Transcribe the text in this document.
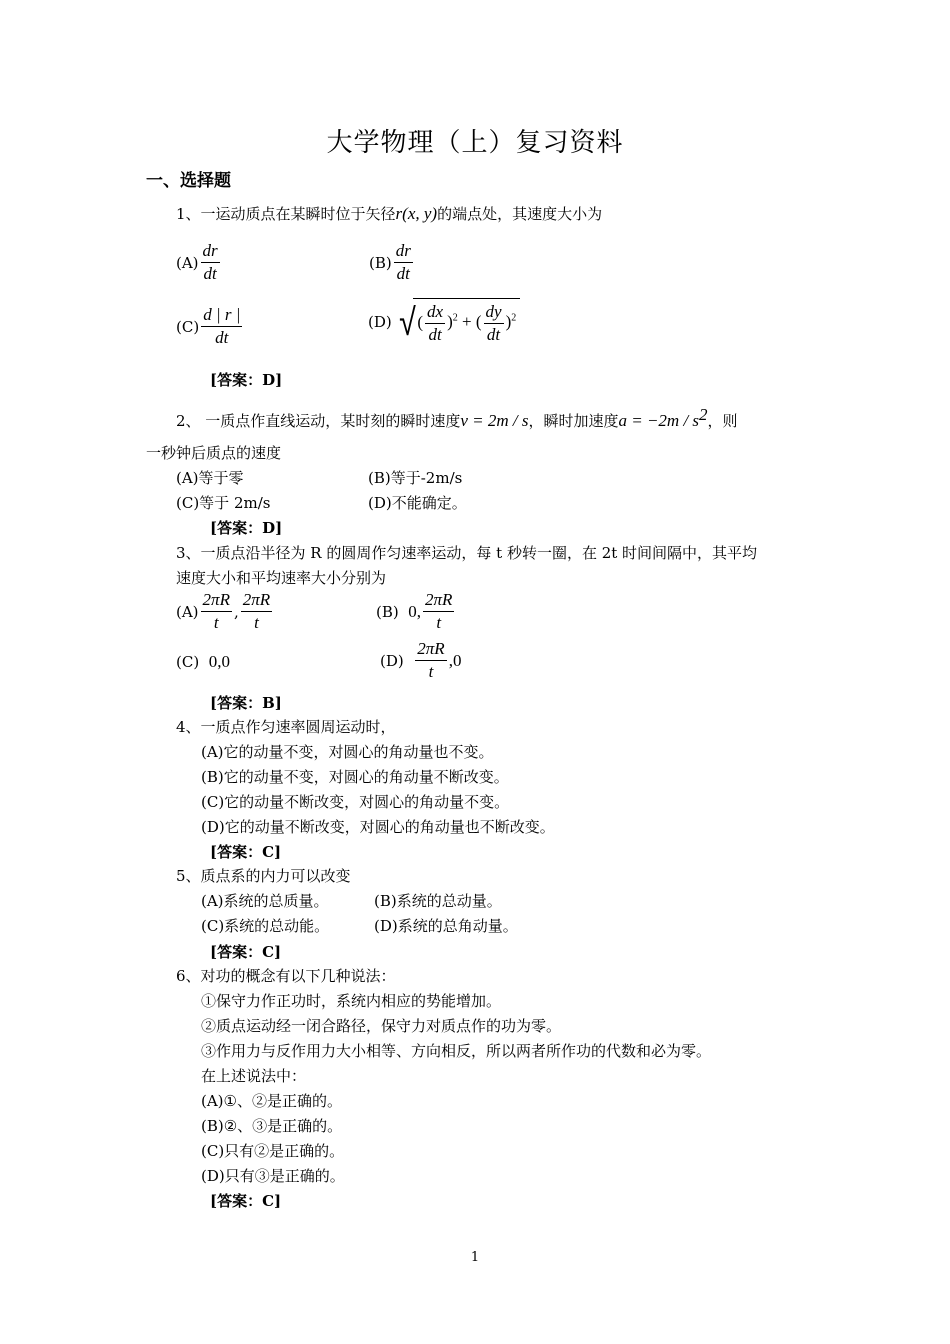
大学物理（上）复习资料
一、选择题
1、一运动质点在某瞬时位于矢径r(x, y)的端点处，其速度大小为
$(A) \frac{dr}{dt}$	$(B) \frac{dr}{dt}$
$(C) \frac{d | r |}{dt}$	(D) √ ( $\frac{dx}{dt} )^2$ + ( $\frac{dy}{dt} )^2$
[答案：D]
2、 一质点作直线运动，某时刻的瞬时速度v = 2m / s，瞬时加速度$a = -2m / s^2$，则
一秒钟后质点的速度
(A)等于零	(B)等于-2m/s
(C)等于 2m/s	(D)不能确定。
[答案：D]
3、一质点沿半径为 R 的圆周作匀速率运动，每 t 秒转一圈，在 2t 时间间隔中，其平均
速度大小和平均速率大小分别为
$(A) \frac{2\pi R}{t}$ , $\frac{2\pi R}{t}$	(B) 0, $\frac{2\pi R}{t}$
(C) 0,0	$(D) \frac{2\pi R}{t} ,0$
[答案：B]
4、一质点作匀速率圆周运动时，
(A)它的动量不变，对圆心的角动量也不变。
(B)它的动量不变，对圆心的角动量不断改变。
(C)它的动量不断改变，对圆心的角动量不变。
(D)它的动量不断改变，对圆心的角动量也不断改变。
[答案：C]
5、质点系的内力可以改变
(A)系统的总质量。	(B)系统的总动量。
(C)系统的总动能。	(D)系统的总角动量。
[答案：C]
6、对功的概念有以下几种说法：
①保守力作正功时，系统内相应的势能增加。
②质点运动经一闭合路径，保守力对质点作的功为零。
③作用力与反作用力大小相等、方向相反，所以两者所作功的代数和必为零。
在上述说法中：
(A)①、②是正确的。
(B)②、③是正确的。
(C)只有②是正确的。
(D)只有③是正确的。
[答案：C]
1
